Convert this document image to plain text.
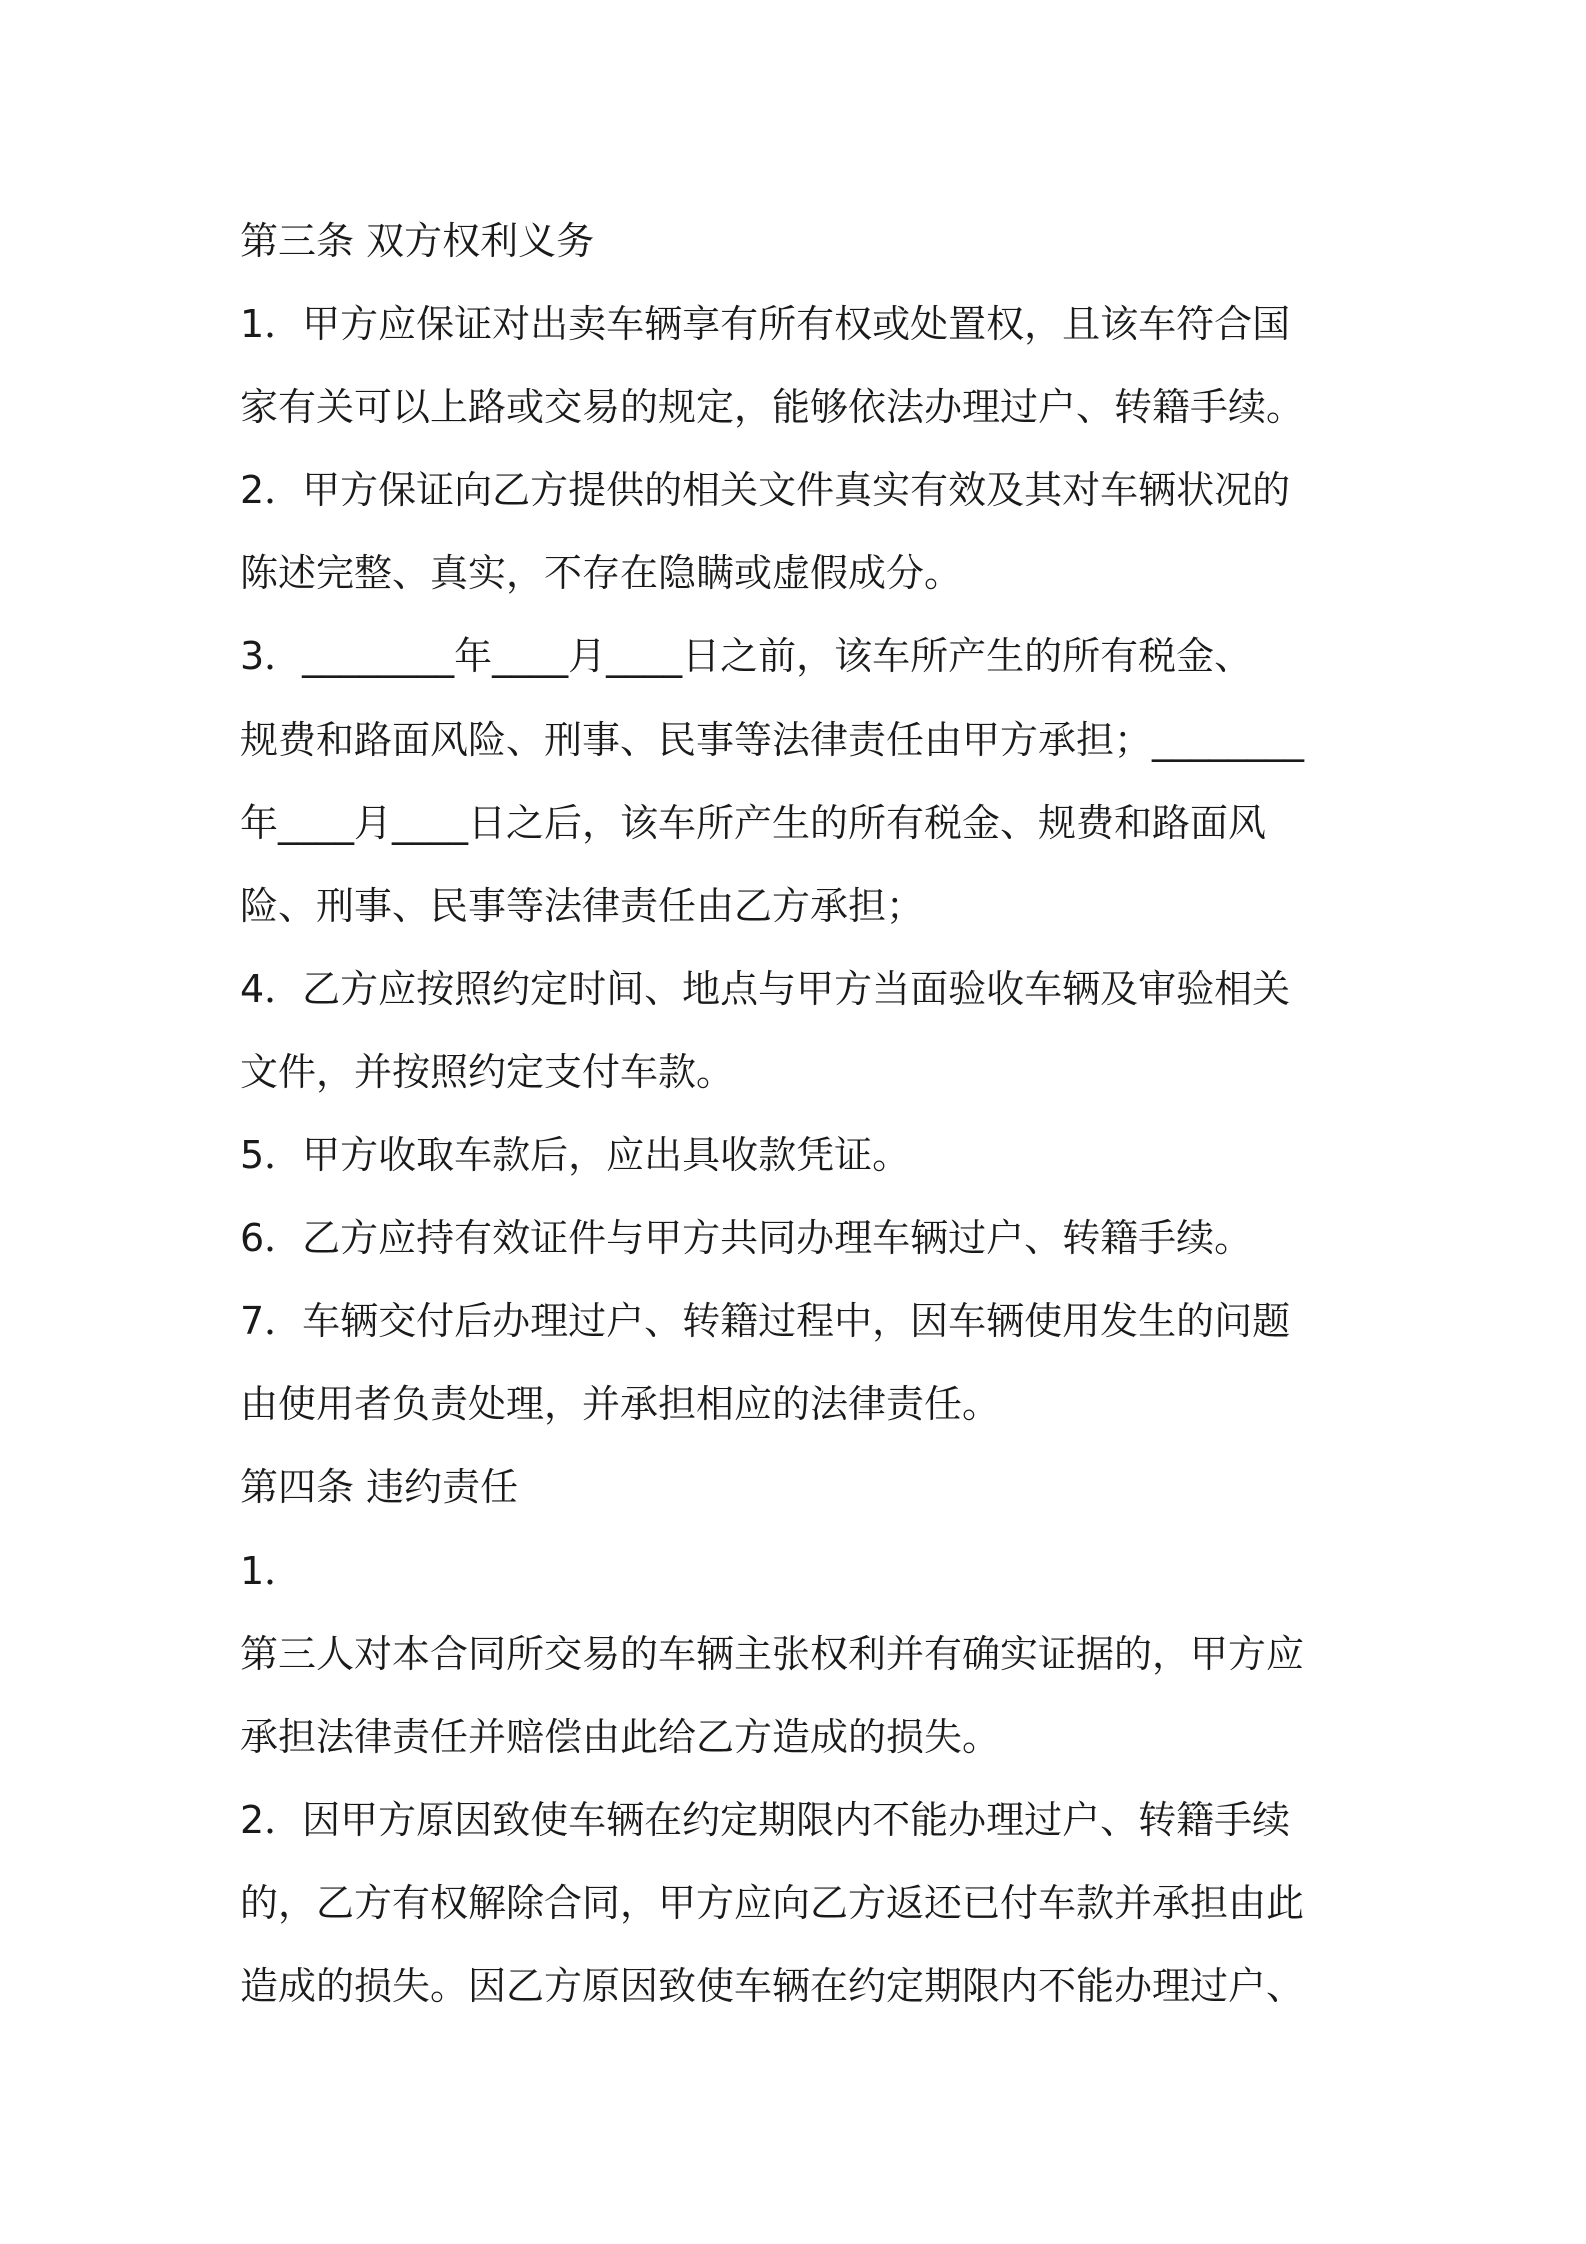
第三条 双方权利义务
1．甲方应保证对出卖车辆享有所有权或处置权，且该车符合国
家有关可以上路或交易的规定，能够依法办理过户、转籍手续。
2．甲方保证向乙方提供的相关文件真实有效及其对车辆状况的
陈述完整、真实，不存在隐瞒或虚假成分。
3．________年____月____日之前，该车所产生的所有税金、
规费和路面风险、刑事、民事等法律责任由甲方承担；________
年____月____日之后，该车所产生的所有税金、规费和路面风
险、刑事、民事等法律责任由乙方承担；
4．乙方应按照约定时间、地点与甲方当面验收车辆及审验相关
文件，并按照约定支付车款。
5．甲方收取车款后，应出具收款凭证。
6．乙方应持有效证件与甲方共同办理车辆过户、转籍手续。
7．车辆交付后办理过户、转籍过程中，因车辆使用发生的问题
由使用者负责处理，并承担相应的法律责任。
第四条 违约责任
1．
第三人对本合同所交易的车辆主张权利并有确实证据的，甲方应
承担法律责任并赔偿由此给乙方造成的损失。
2．因甲方原因致使车辆在约定期限内不能办理过户、转籍手续
的，乙方有权解除合同，甲方应向乙方返还已付车款并承担由此
造成的损失。因乙方原因致使车辆在约定期限内不能办理过户、
